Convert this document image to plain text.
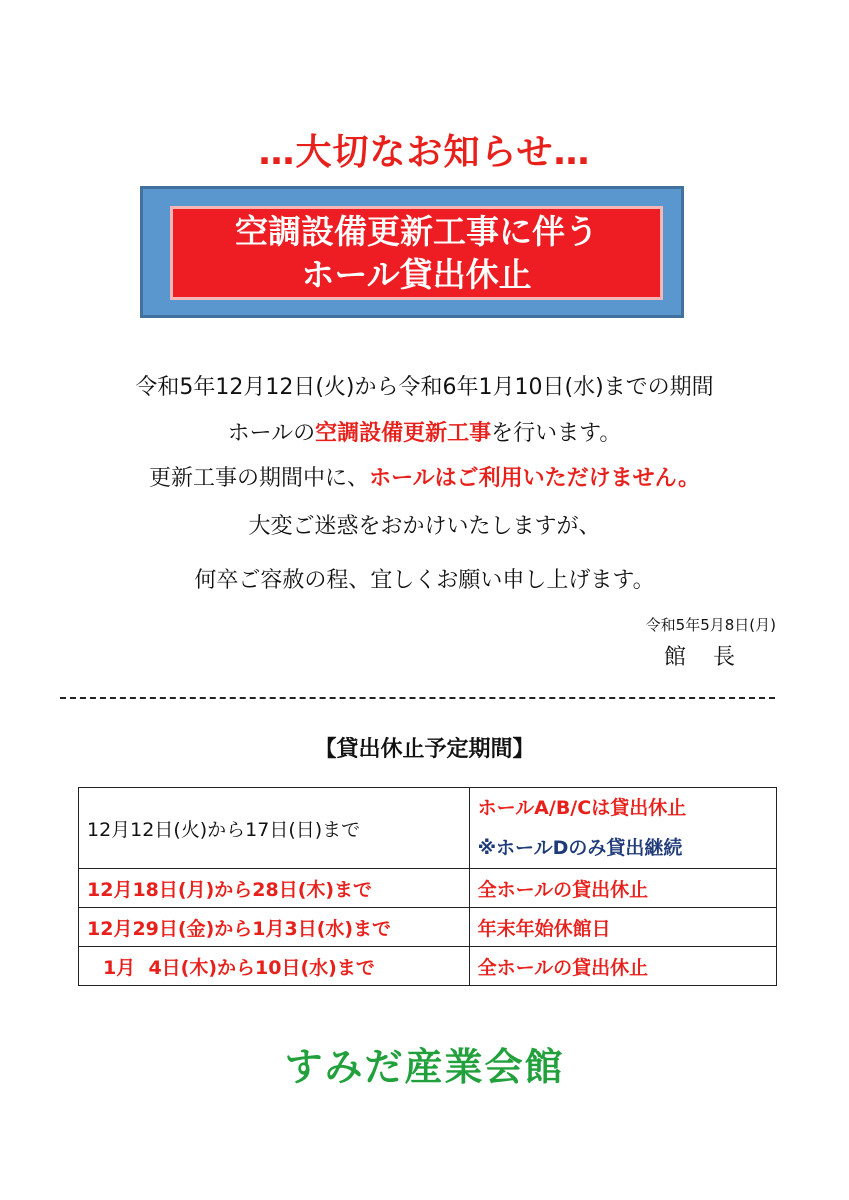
…大切なお知らせ…
空調設備更新工事に伴う
ホール貸出休止
令和5年12月12日(火)から令和6年1月10日(水)までの期間
ホールの空調設備更新工事を行います。
更新工事の期間中に、ホールはご利用いただけません。
大変ご迷惑をおかけいたしますが、
何卒ご容赦の程、宜しくお願い申し上げます。
令和5年5月8日(月)
館 長
【貸出休止予定期間】
12月12日(火)から17日(日)まで	ホールA/B/Cは貸出休止
※ホールDのみ貸出継続

12月18日(月)から28日(木)まで	全ホールの貸出休止
12月29日(金)から1月3日(水)まで	年末年始休館日
1月  4日(木)から10日(水)まで	全ホールの貸出休止
すみだ産業会館
